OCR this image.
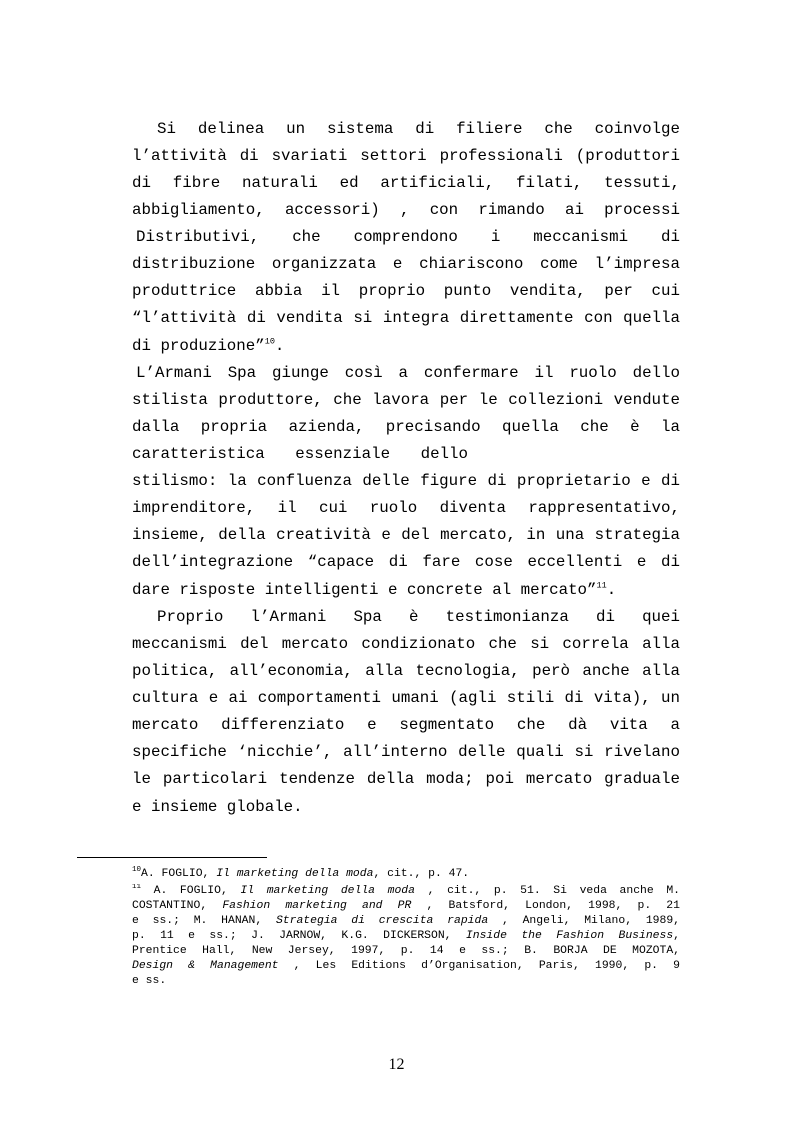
Si delinea un sistema di filiere che coinvolge
l’attività di svariati settori professionali (produttori
di fibre naturali ed artificiali, filati, tessuti,
abbigliamento, accessori) , con rimando ai processi
Distributivi, che comprendono i meccanismi di
distribuzione organizzata e chiariscono come l’impresa
produttrice abbia il proprio punto vendita, per cui
“l’attività di vendita si integra direttamente con quella
di produzione”$^{10}$.
L’Armani Spa giunge così a confermare il ruolo dello
stilista produttore, che lavora per le collezioni vendute
dalla propria azienda, precisando quella che è la
caratteristica essenziale dello
stilismo: la confluenza delle figure di proprietario e di
imprenditore, il cui ruolo diventa rappresentativo,
insieme, della creatività e del mercato, in una strategia
dell’integrazione “capace di fare cose eccellenti e di
dare risposte intelligenti e concrete al mercato”$^{11}$.
Proprio l’Armani Spa è testimonianza di quei
meccanismi del mercato condizionato che si correla alla
politica, all’economia, alla tecnologia, però anche alla
cultura e ai comportamenti umani (agli stili di vita), un
mercato differenziato e segmentato che dà vita a
specifiche ‘nicchie’, all’interno delle quali si rivelano
le particolari tendenze della moda; poi mercato graduale
e insieme globale.
$^{10}$A. FOGLIO, Il marketing della moda, cit., p. 47.
$^{11}$ A. FOGLIO, Il marketing della moda , cit., p. 51. Si veda anche M.
COSTANTINO, Fashion marketing and PR , Batsford, London, 1998, p. 21
e ss.; M. HANAN, Strategia di crescita rapida , Angeli, Milano, 1989,
p. 11 e ss.; J. JARNOW, K.G. DICKERSON, Inside the Fashion Business,
Prentice Hall, New Jersey, 1997, p. 14 e ss.; B. BORJA DE MOZOTA,
Design & Management , Les Editions d’Organisation, Paris, 1990, p. 9
e ss.
12
